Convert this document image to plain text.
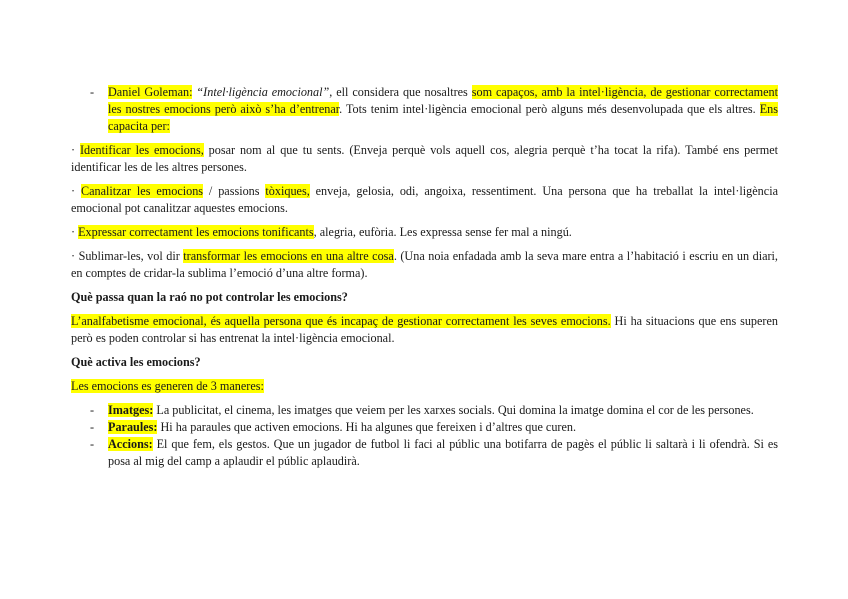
- Daniel Goleman: “Intel·ligència emocional”, ell considera que nosaltres som capaços, amb la intel·ligència, de gestionar correctament les nostres emocions però això s’ha d’entrenar. Tots tenim intel·ligència emocional però alguns més desenvolupada que els altres. Ens capacita per:

· Identificar les emocions, posar nom al que tu sents. (Enveja perquè vols aquell cos, alegria perquè t’ha tocat la rifa). També ens permet identificar les de les altres persones.

· Canalitzar les emocions / passions tòxiques, enveja, gelosia, odi, angoixa, ressentiment. Una persona que ha treballat la intel·ligència emocional pot canalitzar aquestes emocions.

· Expressar correctament les emocions tonificants, alegria, eufòria. Les expressa sense fer mal a ningú.

· Sublimar-les, vol dir transformar les emocions en una altre cosa. (Una noia enfadada amb la seva mare entra a l’habitació i escriu en un diari, en comptes de cridar-la sublima l’emoció d’una altre forma).

Què passa quan la raó no pot controlar les emocions?

L’analfabetisme emocional, és aquella persona que és incapaç de gestionar correctament les seves emocions. Hi ha situacions que ens superen però es poden controlar si has entrenat la intel·ligència emocional.

Què activa les emocions?

Les emocions es generen de 3 maneres:

- Imatges: La publicitat, el cinema, les imatges que veiem per les xarxes socials. Qui domina la imatge domina el cor de les persones.

- Paraules: Hi ha paraules que activen emocions. Hi ha algunes que fereixen i d’altres que curen.

- Accions: El que fem, els gestos. Que un jugador de futbol li faci al públic una botifarra de pagès el públic li saltarà i li ofendrà. Si es posa al mig del camp a aplaudir el públic aplaudirà.
